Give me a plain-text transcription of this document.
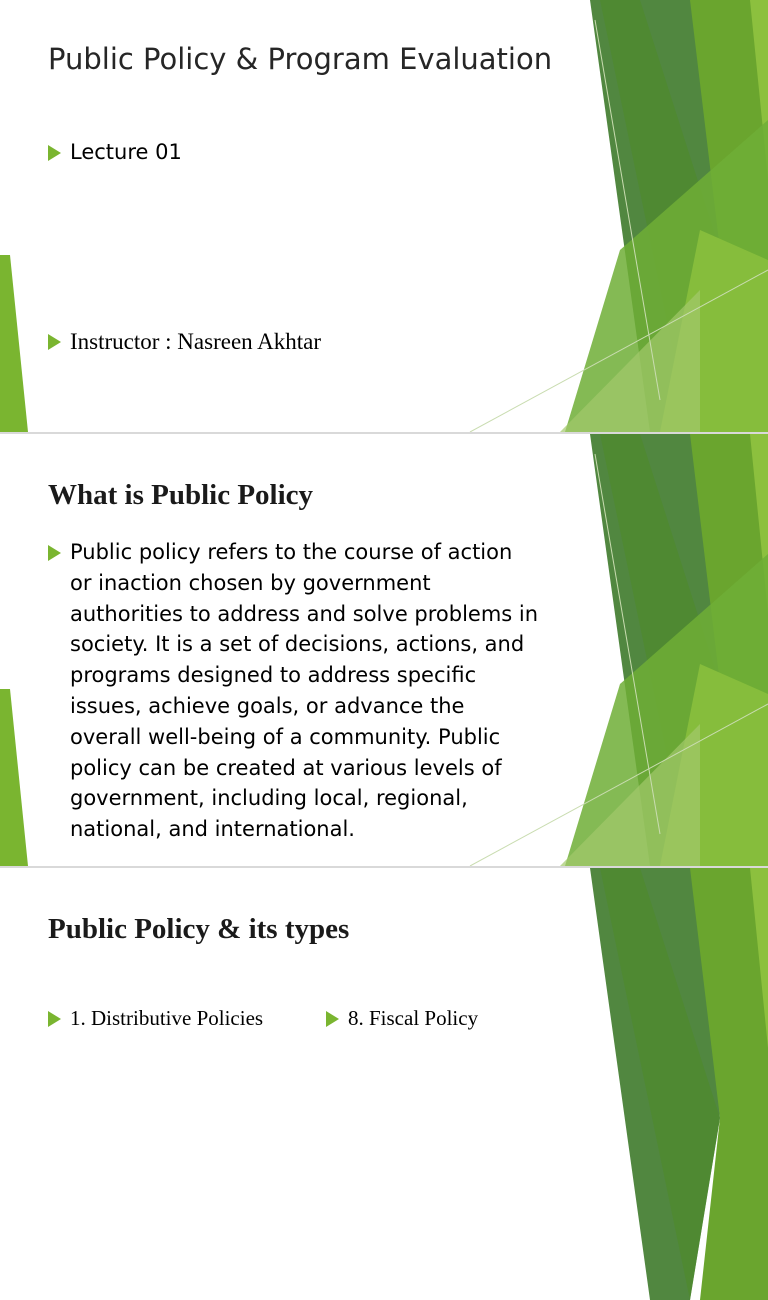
Public Policy & Program Evaluation
Lecture 01
Instructor : Nasreen Akhtar
What is Public Policy
Public policy refers to the course of action
or inaction chosen by government
authorities to address and solve problems in
society. It is a set of decisions, actions, and
programs designed to address specific
issues, achieve goals, or advance the
overall well-being of a community. Public
policy can be created at various levels of
government, including local, regional,
national, and international.
Public Policy & its types
1. Distributive Policies	8. Fiscal Policy
